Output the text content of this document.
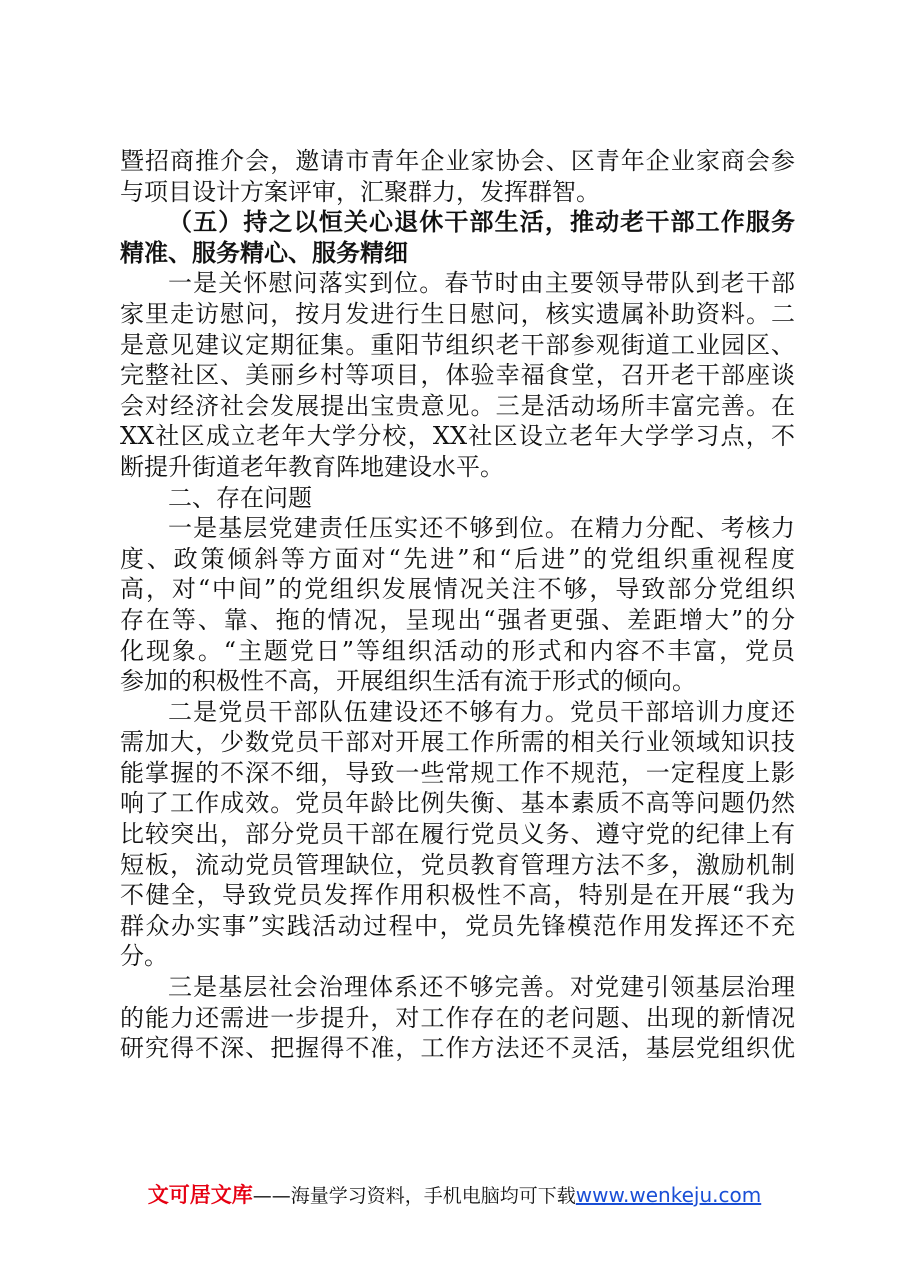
暨招商推介会，邀请市青年企业家协会、区青年企业家商会参
与项目设计方案评审，汇聚群力，发挥群智。
（五）持之以恒关心退休干部生活，推动老干部工作服务
精准、服务精心、服务精细
一是关怀慰问落实到位。春节时由主要领导带队到老干部
家里走访慰问，按月发进行生日慰问，核实遗属补助资料。二
是意见建议定期征集。重阳节组织老干部参观街道工业园区、
完整社区、美丽乡村等项目，体验幸福食堂，召开老干部座谈
会对经济社会发展提出宝贵意见。三是活动场所丰富完善。在
XX社区成立老年大学分校，XX社区设立老年大学学习点，不
断提升街道老年教育阵地建设水平。
二、存在问题
一是基层党建责任压实还不够到位。在精力分配、考核力
度、政策倾斜等方面对“先进”和“后进”的党组织重视程度
高，对“中间”的党组织发展情况关注不够，导致部分党组织
存在等、靠、拖的情况，呈现出“强者更强、差距增大”的分
化现象。“主题党日”等组织活动的形式和内容不丰富，党员
参加的积极性不高，开展组织生活有流于形式的倾向。
二是党员干部队伍建设还不够有力。党员干部培训力度还
需加大，少数党员干部对开展工作所需的相关行业领域知识技
能掌握的不深不细，导致一些常规工作不规范，一定程度上影
响了工作成效。党员年龄比例失衡、基本素质不高等问题仍然
比较突出，部分党员干部在履行党员义务、遵守党的纪律上有
短板，流动党员管理缺位，党员教育管理方法不多，激励机制
不健全，导致党员发挥作用积极性不高，特别是在开展“我为
群众办实事”实践活动过程中，党员先锋模范作用发挥还不充
分。
三是基层社会治理体系还不够完善。对党建引领基层治理
的能力还需进一步提升，对工作存在的老问题、出现的新情况
研究得不深、把握得不准，工作方法还不灵活，基层党组织优
文可居文库——海量学习资料，手机电脑均可下载www.wenkeju.com
